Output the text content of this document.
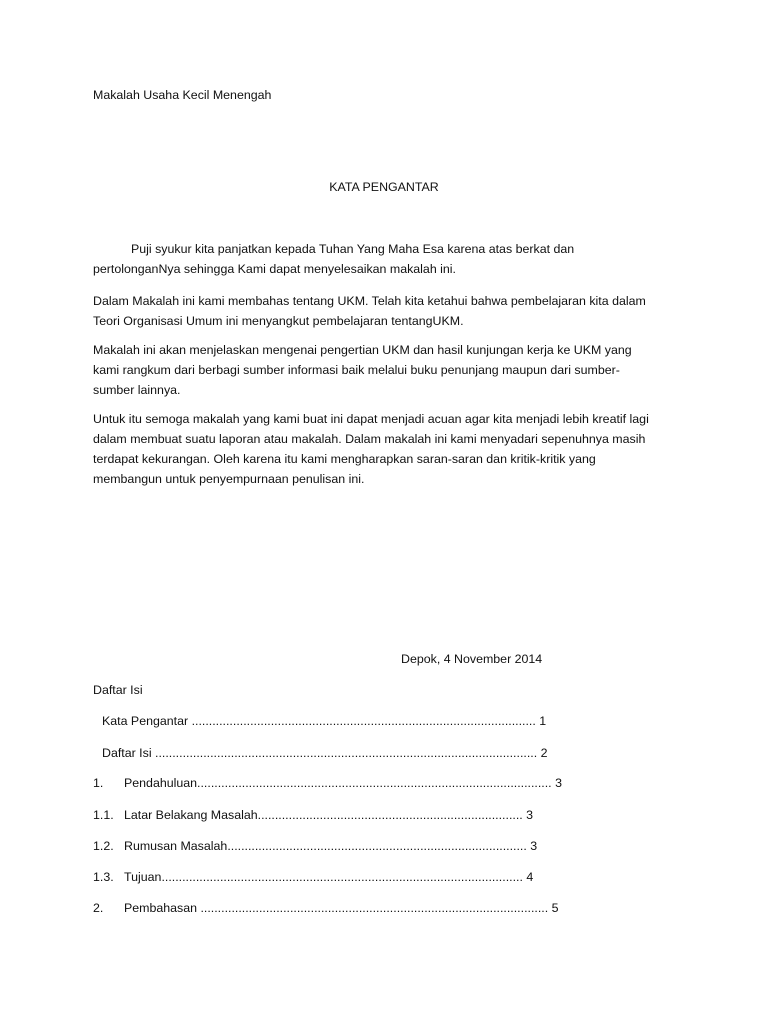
Makalah Usaha Kecil Menengah
KATA PENGANTAR

Puji syukur kita panjatkan kepada Tuhan Yang Maha Esa karena atas berkat dan pertolonganNya sehingga Kami dapat menyelesaikan makalah ini.

Dalam Makalah ini kami membahas tentang UKM. Telah kita ketahui bahwa pembelajaran kita dalam Teori Organisasi Umum ini menyangkut pembelajaran tentangUKM.

Makalah ini akan menjelaskan mengenai pengertian UKM dan hasil kunjungan kerja ke UKM yang kami rangkum dari berbagi sumber informasi baik melalui buku penunjang maupun dari sumber-sumber lainnya.

Untuk itu semoga makalah yang kami buat ini dapat menjadi acuan agar kita menjadi lebih kreatif lagi dalam membuat suatu laporan atau makalah. Dalam makalah ini kami menyadari sepenuhnya masih terdapat kekurangan. Oleh karena itu kami mengharapkan saran-saran dan kritik-kritik yang membangun untuk penyempurnaan penulisan ini.

Depok, 4 November 2014
Daftar Isi
Kata Pengantar .................................................................................................... 1
Daftar Isi ............................................................................................................... 2
1. Pendahuluan....................................................................................................... 3
1.1. Latar Belakang Masalah............................................................................. 3
1.2. Rumusan Masalah....................................................................................... 3
1.3. Tujuan......................................................................................................... 4
2. Pembahasan ..................................................................................................... 5
